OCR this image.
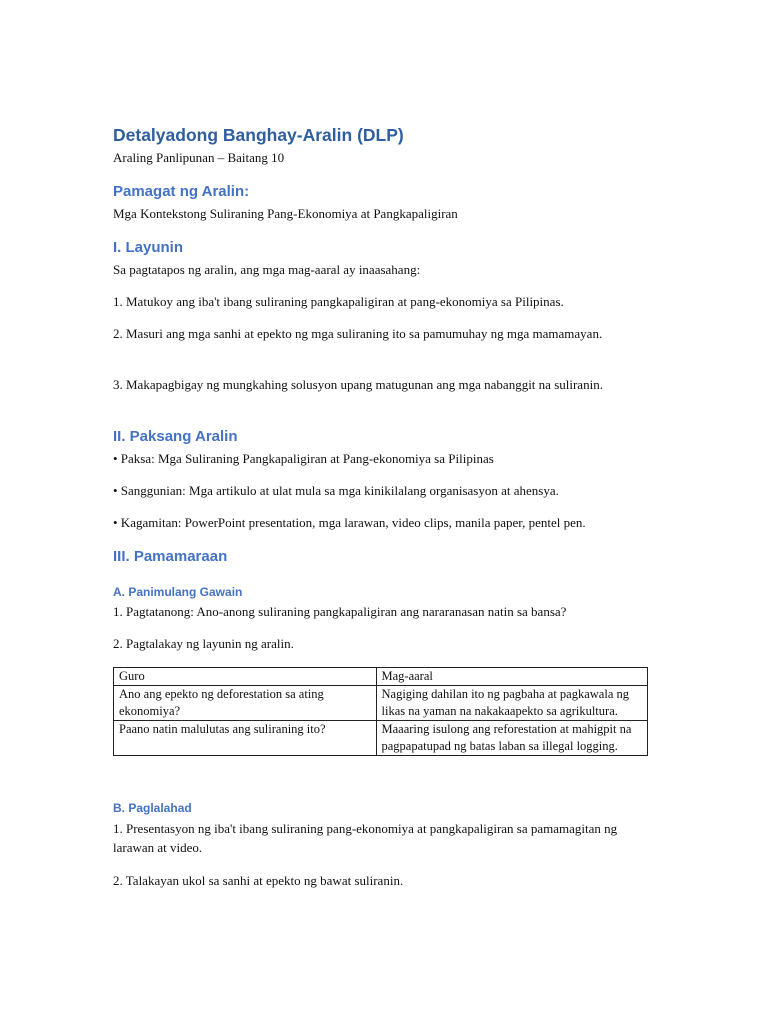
Detalyadong Banghay-Aralin (DLP)

Araling Panlipunan – Baitang 10

Pamagat ng Aralin:

Mga Kontekstong Suliraning Pang-Ekonomiya at Pangkapaligiran

I. Layunin

Sa pagtatapos ng aralin, ang mga mag-aaral ay inaasahang:

1. Matukoy ang iba't ibang suliraning pangkapaligiran at pang-ekonomiya sa Pilipinas.

2. Masuri ang mga sanhi at epekto ng mga suliraning ito sa pamumuhay ng mga mamamayan.

3. Makapagbigay ng mungkahing solusyon upang matugunan ang mga nabanggit na suliranin.

II. Paksang Aralin

• Paksa: Mga Suliraning Pangkapaligiran at Pang-ekonomiya sa Pilipinas

• Sanggunian: Mga artikulo at ulat mula sa mga kinikilalang organisasyon at ahensya.

• Kagamitan: PowerPoint presentation, mga larawan, video clips, manila paper, pentel pen.

III. Pamamaraan
A. Panimulang Gawain

1. Pagtatanong: Ano-anong suliraning pangkapaligiran ang nararanasan natin sa bansa?

2. Pagtalakay ng layunin ng aralin.

Guro	Mag-aaral
Ano ang epekto ng deforestation sa ating ekonomiya?	Nagiging dahilan ito ng pagbaha at pagkawala ng likas na yaman na nakakaapekto sa agrikultura.
Paano natin malulutas ang suliraning ito?	Maaaring isulong ang reforestation at mahigpit na pagpapatupad ng batas laban sa illegal logging.
B. Paglalahad

1. Presentasyon ng iba't ibang suliraning pang-ekonomiya at pangkapaligiran sa pamamagitan ng larawan at video.

2. Talakayan ukol sa sanhi at epekto ng bawat suliranin.
